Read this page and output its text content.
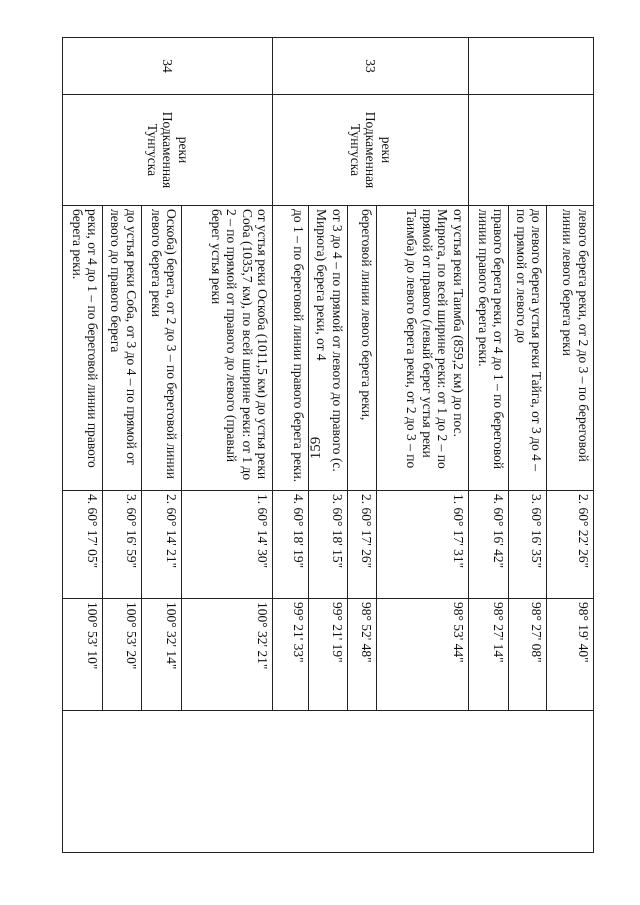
159
			левого берега реки, от 2 до 3 – по береговой линии левого берега реки	2. 60° 22' 26"	98° 19' 40"	
		до левого берега устья реки Тайга, от 3 до 4 – по прямой от левого до	3. 60° 16' 35"	98° 27' 08"	
		правого берега реки, от 4 до 1 – по береговой линии правого берега реки.	4. 60° 16' 42"	98° 27' 14"	
33	реки Подкаменная Тунгуска	от устья реки Таимба (859,2 км) до пос. Мирюга, по всей ширине реки: от 1 до 2 – по прямой от правого (левый берег устья реки Таимба) до левого берега реки, от 2 до 3 – по	1. 60° 17' 31"	98° 53' 44"	
		береговой линии левого берега реки,	2. 60° 17' 26"	98° 52' 48"	
		от 3 до 4 – по прямой от левого до правого (с. Мирюга) берега реки, от 4	3. 60° 18' 15"	99° 21' 19"	
		до 1 – по береговой линии правого берега реки.	4. 60° 18' 19"	99° 21' 33"	
34	реки Подкаменная Тунгуска	от устья реки Оскоба (1011,5 км) до устья реки Соба (1035,7 км), по всей ширине реки: от 1 до 2 – по прямой от правого до левого (правый берег устья реки	1. 60° 14' 30"	100° 32' 21"	
		Оскоба) берега, от 2 до 3 – по береговой линии левого берега реки	2. 60° 14' 21"	100° 32' 14"	
		до устья реки Соба, от 3 до 4 – по прямой от левого до правого берега	3. 60° 16' 59"	100° 53' 20"	
		реки, от 4 до 1 – по береговой линии правого берега реки.	4. 60° 17' 05"	100° 53' 10"	
